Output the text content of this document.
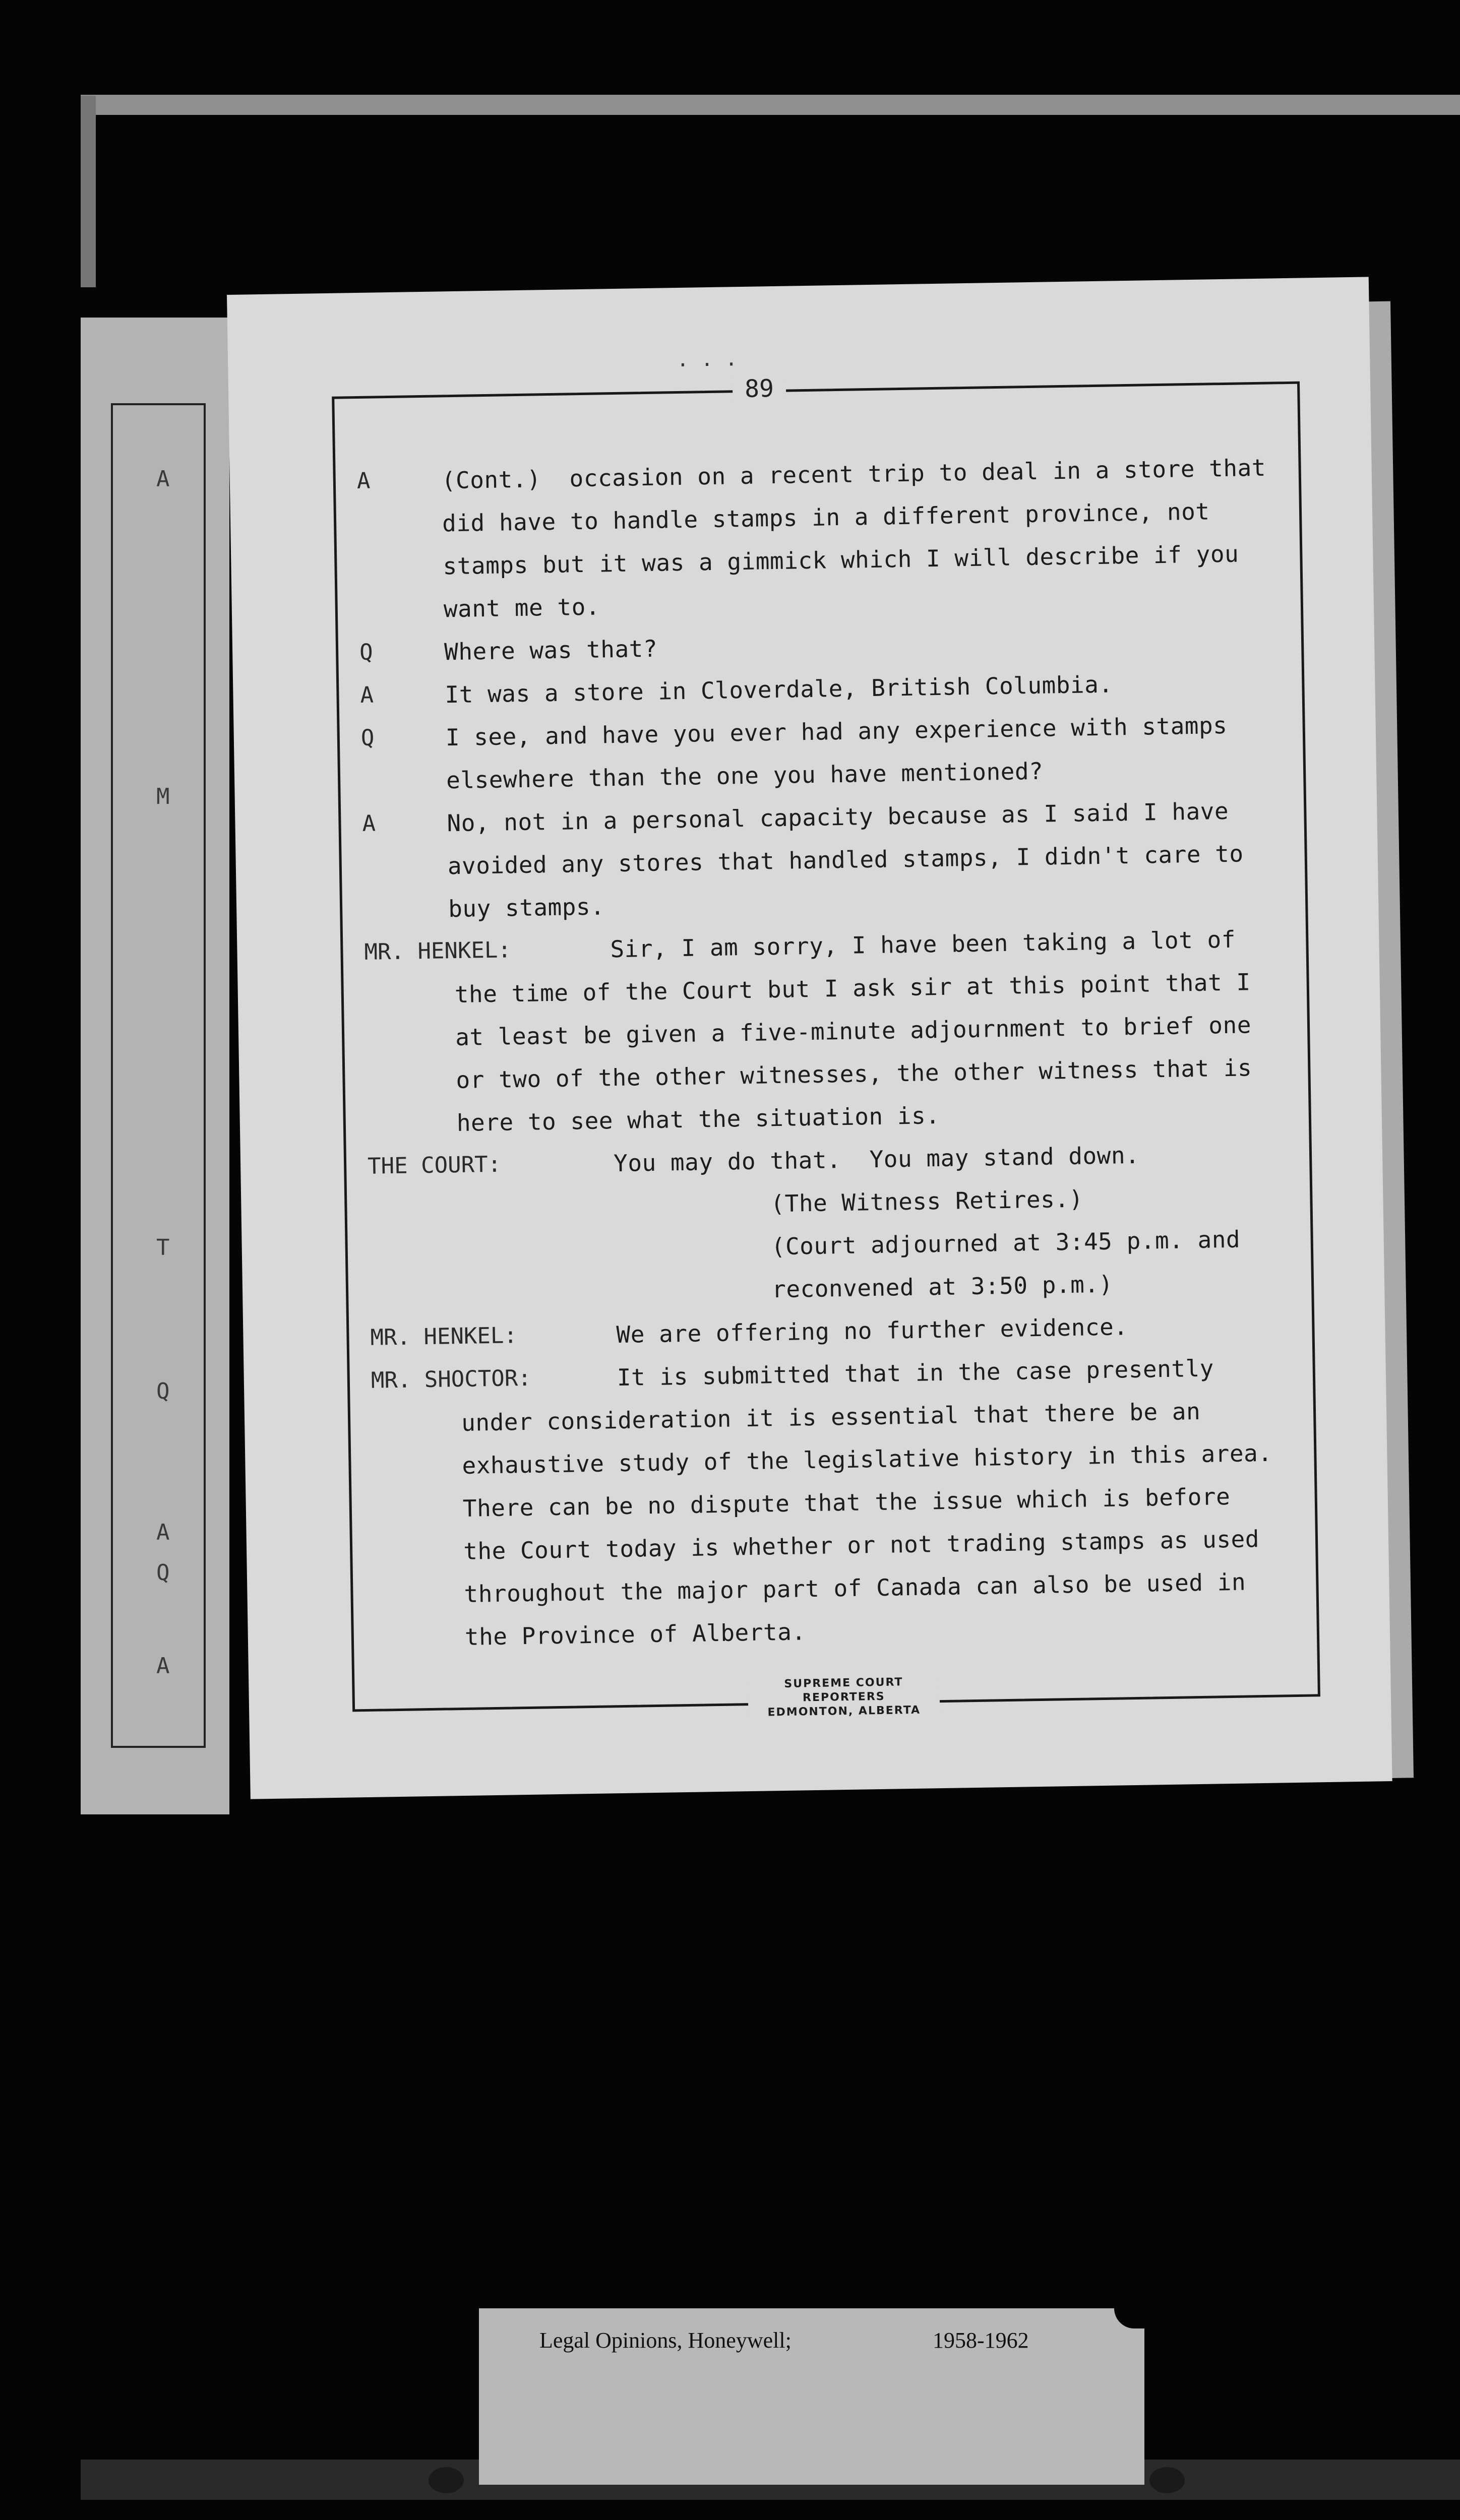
A
M
T
Q
A
Q
A
. . .
89
A	(Cont.)  occasion on a recent trip to deal in a store that
did have to handle stamps in a different province, not
stamps but it was a gimmick which I will describe if you
want me to.
Q	Where was that?
A	It was a store in Cloverdale, British Columbia.
Q	I see, and have you ever had any experience with stamps
elsewhere than the one you have mentioned?
A	No, not in a personal capacity because as I said I have
avoided any stores that handled stamps, I didn't care to
buy stamps.
MR. HENKEL:	Sir, I am sorry, I have been taking a lot of
the time of the Court but I ask sir at this point that I
at least be given a five-minute adjournment to brief one
or two of the other witnesses, the other witness that is
here to see what the situation is.
THE COURT:	You may do that.  You may stand down.
(The Witness Retires.)
(Court adjourned at 3:45 p.m. and
reconvened at 3:50 p.m.)
MR. HENKEL:	We are offering no further evidence.
MR. SHOCTOR:	It is submitted that in the case presently
under consideration it is essential that there be an
exhaustive study of the legislative history in this area.
There can be no dispute that the issue which is before
the Court today is whether or not trading stamps as used
throughout the major part of Canada can also be used in
the Province of Alberta.
SUPREME COURT REPORTERS
EDMONTON, ALBERTA
Legal Opinions, Honeywell;	1958-1962
